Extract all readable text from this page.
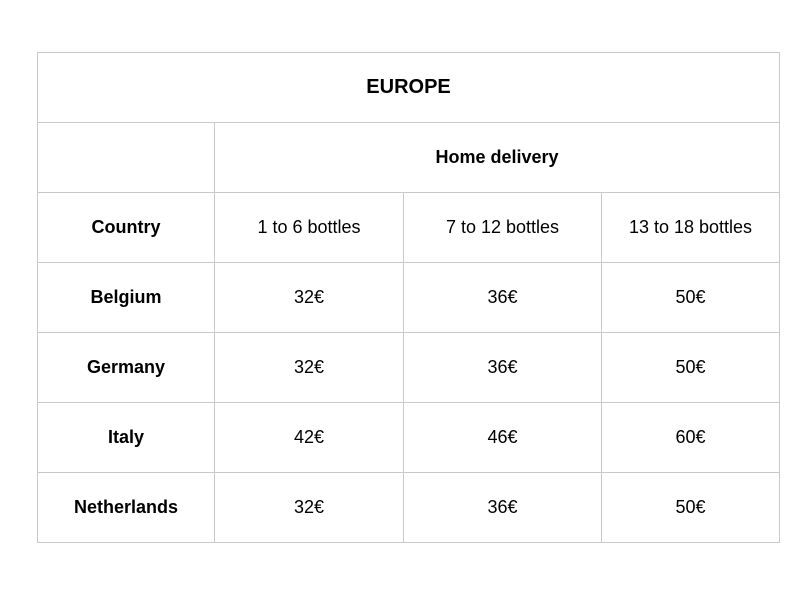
EUROPE			
	Home delivery		
Country	1 to 6 bottles	7 to 12 bottles	13 to 18 bottles
Belgium	32€	36€	50€
Germany	32€	36€	50€
Italy	42€	46€	60€
Netherlands	32€	36€	50€
